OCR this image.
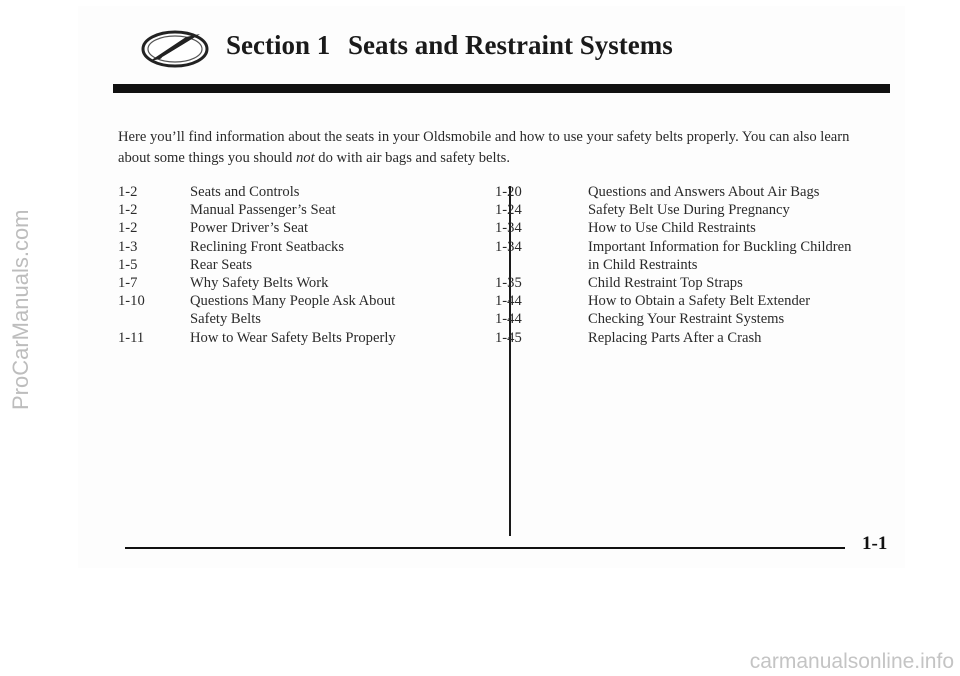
Section 1 Seats and Restraint Systems
Here you’ll find information about the seats in your Oldsmobile and how to use your safety belts properly. You can also learn about some things you should not do with air bags and safety belts.
1-2	Seats and Controls
1-2	Manual Passenger’s Seat
1-2	Power Driver’s Seat
1-3	Reclining Front Seatbacks
1-5	Rear Seats
1-7	Why Safety Belts Work
1-10	Questions Many People Ask About
Safety Belts
1-11	How to Wear Safety Belts Properly
1-20	Questions and Answers About Air Bags
1-24	Safety Belt Use During Pregnancy
1-34	How to Use Child Restraints
1-34	Important Information for Buckling Children
in Child Restraints
1-35	Child Restraint Top Straps
1-44	How to Obtain a Safety Belt Extender
1-44	Checking Your Restraint Systems
1-45	Replacing Parts After a Crash
1-1
ProCarManuals.com
carmanualsonline.info
